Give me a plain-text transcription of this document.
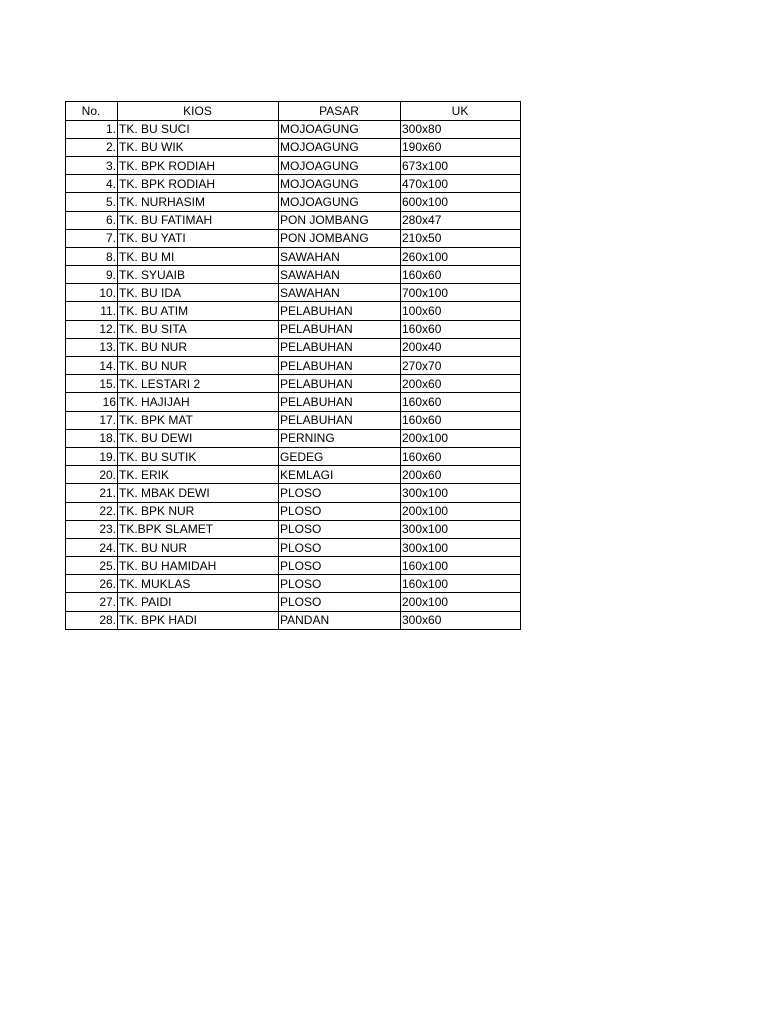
No.	KIOS	PASAR	UK
1.	TK. BU SUCI	MOJOAGUNG	300x80
2.	TK. BU WIK	MOJOAGUNG	190x60
3.	TK. BPK RODIAH	MOJOAGUNG	673x100
4.	TK. BPK RODIAH	MOJOAGUNG	470x100
5.	TK. NURHASIM	MOJOAGUNG	600x100
6.	TK. BU FATIMAH	PON JOMBANG	280x47
7.	TK. BU YATI	PON JOMBANG	210x50
8.	TK. BU MI	SAWAHAN	260x100
9.	TK. SYUAIB	SAWAHAN	160x60
10.	TK. BU IDA	SAWAHAN	700x100
11.	TK. BU ATIM	PELABUHAN	100x60
12.	TK. BU SITA	PELABUHAN	160x60
13.	TK. BU NUR	PELABUHAN	200x40
14.	TK. BU NUR	PELABUHAN	270x70
15.	TK. LESTARI 2	PELABUHAN	200x60
16	TK. HAJIJAH	PELABUHAN	160x60
17.	TK. BPK MAT	PELABUHAN	160x60
18.	TK. BU DEWI	PERNING	200x100
19.	TK. BU SUTIK	GEDEG	160x60
20.	TK. ERIK	KEMLAGI	200x60
21.	TK. MBAK DEWI	PLOSO	300x100
22.	TK. BPK NUR	PLOSO	200x100
23.	TK.BPK SLAMET	PLOSO	300x100
24.	TK. BU NUR	PLOSO	300x100
25.	TK. BU HAMIDAH	PLOSO	160x100
26.	TK. MUKLAS	PLOSO	160x100
27.	TK. PAIDI	PLOSO	200x100
28.	TK. BPK HADI	PANDAN	300x60
